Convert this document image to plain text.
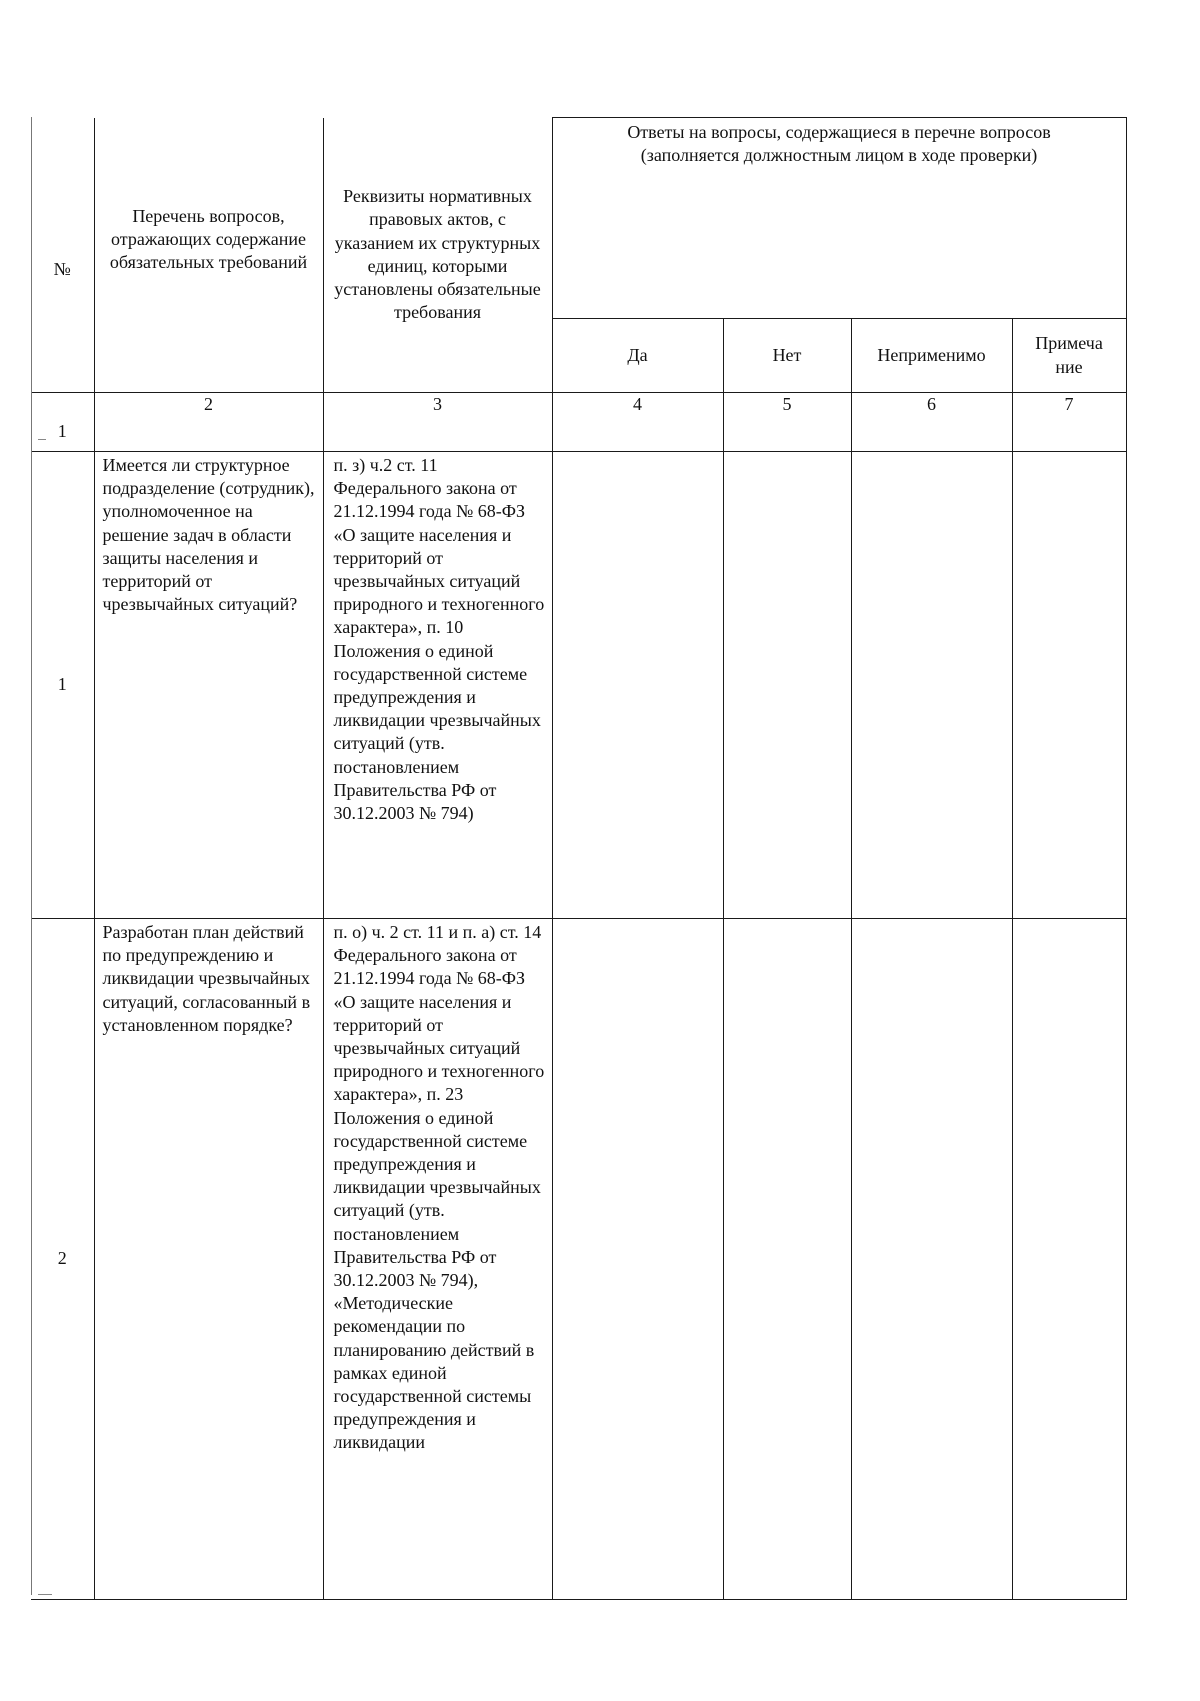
№	Перечень вопросов, отражающих содержание обязательных требований	Реквизиты нормативных правовых актов, с указанием их структурных единиц, которыми установлены обязательные требования	Ответы на вопросы, содержащиеся в перечне вопросов (заполняется должностным лицом в ходе проверки)			
			Да	Нет	Неприменимо	Примеча ние
1	2	3	4	5	6	7
1	Имеется ли структурное подразделение (сотрудник), уполномоченное на решение задач в области защиты населения и территорий от чрезвычайных ситуаций?	п. з) ч.2 ст. 11 Федерального закона от 21.12.1994 года № 68-ФЗ «О защите населения и территорий от чрезвычайных ситуаций природного и техногенного характера», п. 10 Положения о единой государственной системе предупреждения и ликвидации чрезвычайных ситуаций (утв. постановлением Правительства РФ от 30.12.2003 № 794)				
2	Разработан план действий по предупреждению и ликвидации чрезвычайных ситуаций, согласованный в установленном порядке?	п. о) ч. 2 ст. 11 и п. а) ст. 14 Федерального закона от 21.12.1994 года № 68-ФЗ «О защите населения и территорий от чрезвычайных ситуаций природного и техногенного характера», п. 23 Положения о единой государственной системе предупреждения и ликвидации чрезвычайных ситуаций (утв. постановлением Правительства РФ от 30.12.2003 № 794), «Методические рекомендации по планированию действий в рамках единой государственной системы предупреждения и ликвидации				
